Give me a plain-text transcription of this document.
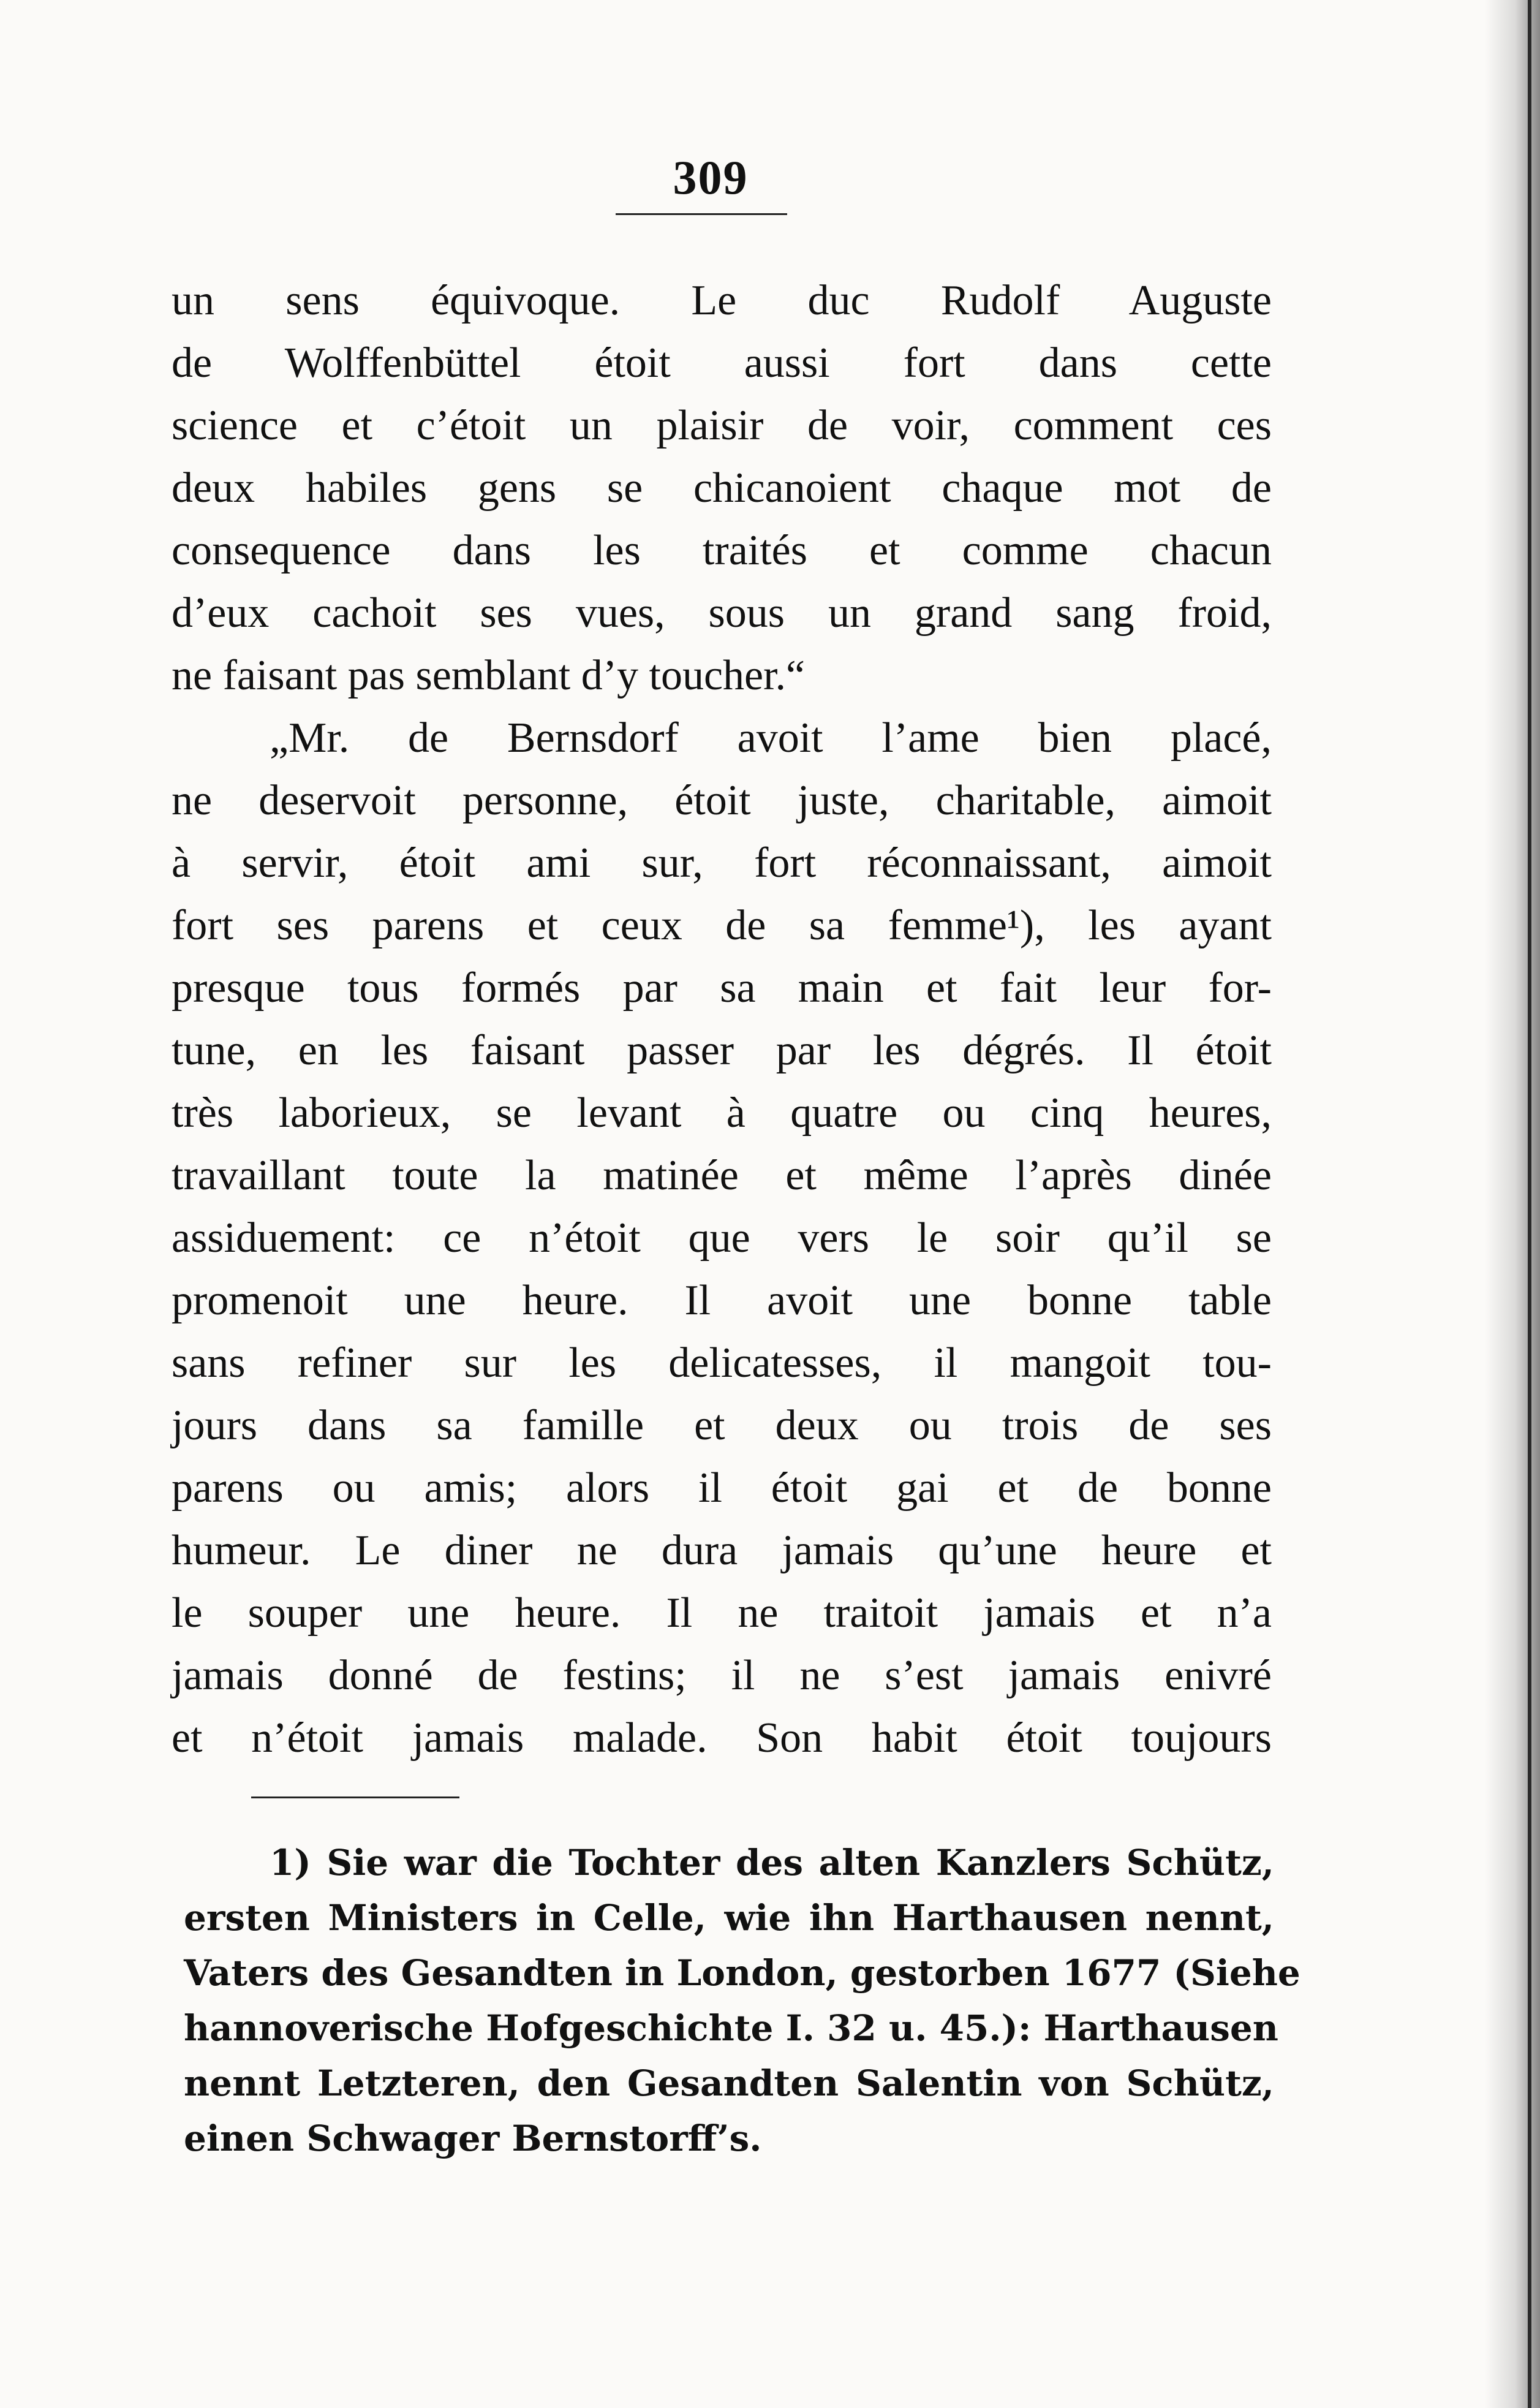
309
un sens équivoque. Le duc Rudolf Auguste
de Wolffenbüttel étoit aussi fort dans cette
science et c’étoit un plaisir de voir, comment ces
deux habiles gens se chicanoient chaque mot de
consequence dans les traités et comme chacun
d’eux cachoit ses vues, sous un grand sang froid,
ne faisant pas semblant d’y toucher.“
„Mr. de Bernsdorf avoit l’ame bien placé,
ne deservoit personne, étoit juste, charitable, aimoit
à servir, étoit ami sur, fort réconnaissant, aimoit
fort ses parens et ceux de sa femme¹), les ayant
presque tous formés par sa main et fait leur for-
tune, en les faisant passer par les dégrés. Il étoit
très laborieux, se levant à quatre ou cinq heures,
travaillant toute la matinée et même l’après dinée
assiduement: ce n’étoit que vers le soir qu’il se
promenoit une heure. Il avoit une bonne table
sans refiner sur les delicatesses, il mangoit tou-
jours dans sa famille et deux ou trois de ses
parens ou amis; alors il étoit gai et de bonne
humeur. Le diner ne dura jamais qu’une heure et
le souper une heure. Il ne traitoit jamais et n’a
jamais donné de festins; il ne s’est jamais enivré
et n’étoit jamais malade. Son habit étoit toujours
1) Sie war die Tochter des alten Kanzlers Schütz,
ersten Ministers in Celle, wie ihn Harthausen nennt,
Vaters des Gesandten in London, gestorben 1677 (Siehe
hannoverische Hofgeschichte I. 32 u. 45.): Harthausen
nennt Letzteren, den Gesandten Salentin von Schütz,
einen Schwager Bernstorff’s.
